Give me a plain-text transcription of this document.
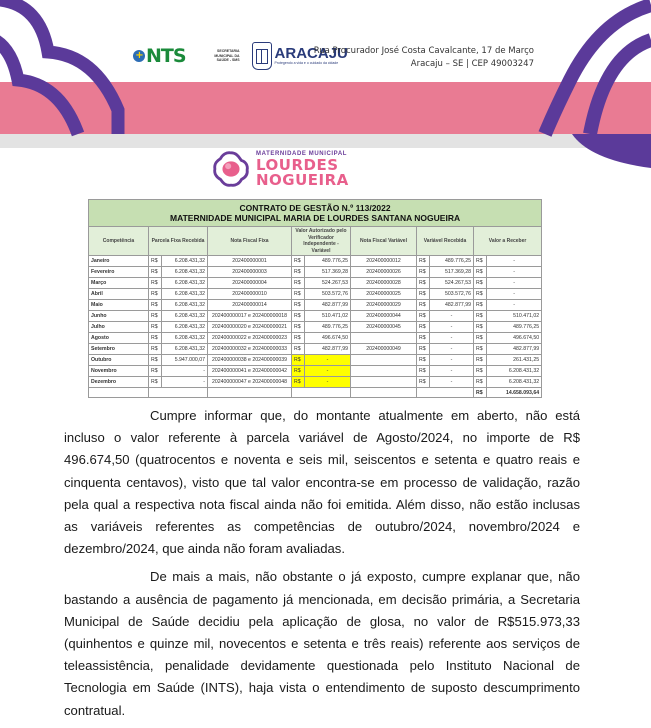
+ NTS	SECRETARIA MUNICIPAL DA
SAÚDE - SMS ARACAJU
Protegendo a vida e o cuidado da cidade
Rua Procurador José Costa Cavalcante, 17 de Março
Aracaju – SE | CEP 49003247
MATERNIDADE MUNICIPAL
LOURDES
NOGUEIRA
CONTRATO DE GESTÃO N.º 113/2022
MATERNIDADE MUNICIPAL MARIA DE LOURDES SANTANA NOGUEIRA										

Competência	Parcela Fixa Recebida		Nota Fiscal Fixa	Valor Autorizado pelo Verificador Independente - Variável		Nota Fiscal Variável	Variável Recebida		Valor a Receber	
Janeiro	R$	6.208.431,32	202400000001	R$	489.776,25	202400000012	R$	489.776,25	R$	-
Fevereiro	R$	6.208.431,32	202400000003	R$	517.369,28	202400000026	R$	517.369,28	R$	-
Março	R$	6.208.431,32	202400000004	R$	524.267,53	202400000028	R$	524.267,53	R$	-
Abril	R$	6.208.431,32	202400000010	R$	503.572,76	202400000025	R$	503.572,76	R$	-
Maio	R$	6.208.431,32	202400000014	R$	482.877,99	202400000029	R$	482.877,99	R$	-
Junho	R$	6.208.431,32	202400000017 e 202400000018	R$	510.471,02	202400000044	R$	-	R$	510.471,02
Julho	R$	6.208.431,32	202400000020 e 202400000021	R$	489.776,25	202400000045	R$	-	R$	489.776,25
Agosto	R$	6.208.431,32	202400000022 e 202400000023	R$	496.674,50		R$	-	R$	496.674,50
Setembro	R$	6.208.431,32	202400000032 e 202400000033	R$	482.877,99	202400000049	R$	-	R$	482.877,99
Outubro	R$	5.947.000,07	202400000038 e 202400000039	R$	-		R$	-	R$	261.431,25
Novembro	R$	-	202400000041 e 202400000042	R$	-		R$	-	R$	6.208.431,32
Dezembro	R$	-	202400000047 e 202400000048	R$	-		R$	-	R$	6.208.431,32
									R$	14.658.093,64

Cumpre informar que, do montante atualmente em aberto, não está incluso o valor referente à parcela variável de Agosto/2024, no importe de R$ 496.674,50 (quatrocentos e noventa e seis mil, seiscentos e setenta e quatro reais e cinquenta centavos), visto que tal valor encontra-se em processo de validação, razão pela qual a respectiva nota fiscal ainda não foi emitida. Além disso, não estão inclusas as variáveis referentes as competências de outubro/2024, novembro/2024 e dezembro/2024, que ainda não foram avaliadas.

De mais a mais, não obstante o já exposto, cumpre explanar que, não bastando a ausência de pagamento já mencionada, em decisão primária, a Secretaria Municipal de Saúde decidiu pela aplicação de glosa, no valor de R$515.973,33 (quinhentos e quinze mil, novecentos e setenta e três reais) referente aos serviços de teleassistência, penalidade devidamente questionada pelo Instituto Nacional de Tecnologia em Saúde (INTS), haja vista o entendimento de suposto descumprimento contratual.
